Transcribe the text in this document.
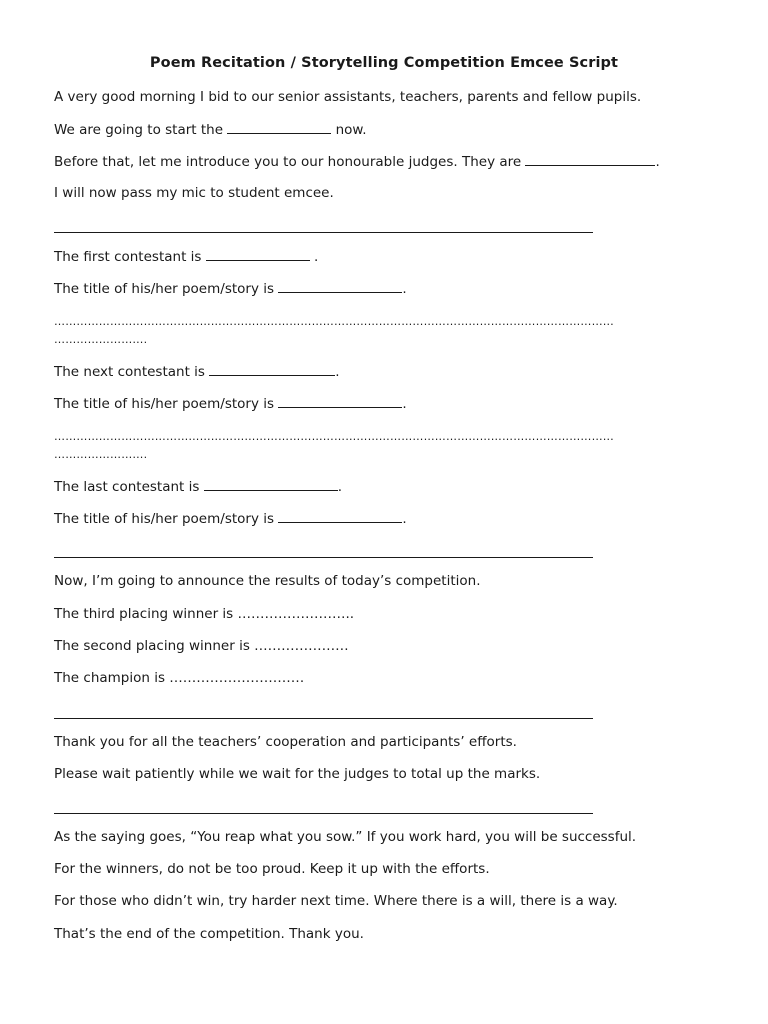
Poem Recitation / Storytelling Competition Emcee Script
A very good morning I bid to our senior assistants, teachers, parents and fellow pupils.
We are going to start the	now.
Before that, let me introduce you to our honourable judges. They are	.
I will now pass my mic to student emcee.
The first contestant is	.
The title of his/her poem/story is	.
……………………………………………………………………………………………………………………………………
…………………….
The next contestant is	.
The title of his/her poem/story is	.
……………………………………………………………………………………………………………………………………
…………………….
The last contestant is	.
The title of his/her poem/story is	.
Now, I’m going to announce the results of today’s competition.
The third placing winner is ……………………..
The second placing winner is …………………
The champion is …………………………
Thank you for all the teachers’ cooperation and participants’ efforts.
Please wait patiently while we wait for the judges to total up the marks.
As the saying goes, “You reap what you sow.” If you work hard, you will be successful.
For the winners, do not be too proud. Keep it up with the efforts.
For those who didn’t win, try harder next time. Where there is a will, there is a way.
That’s the end of the competition. Thank you.
